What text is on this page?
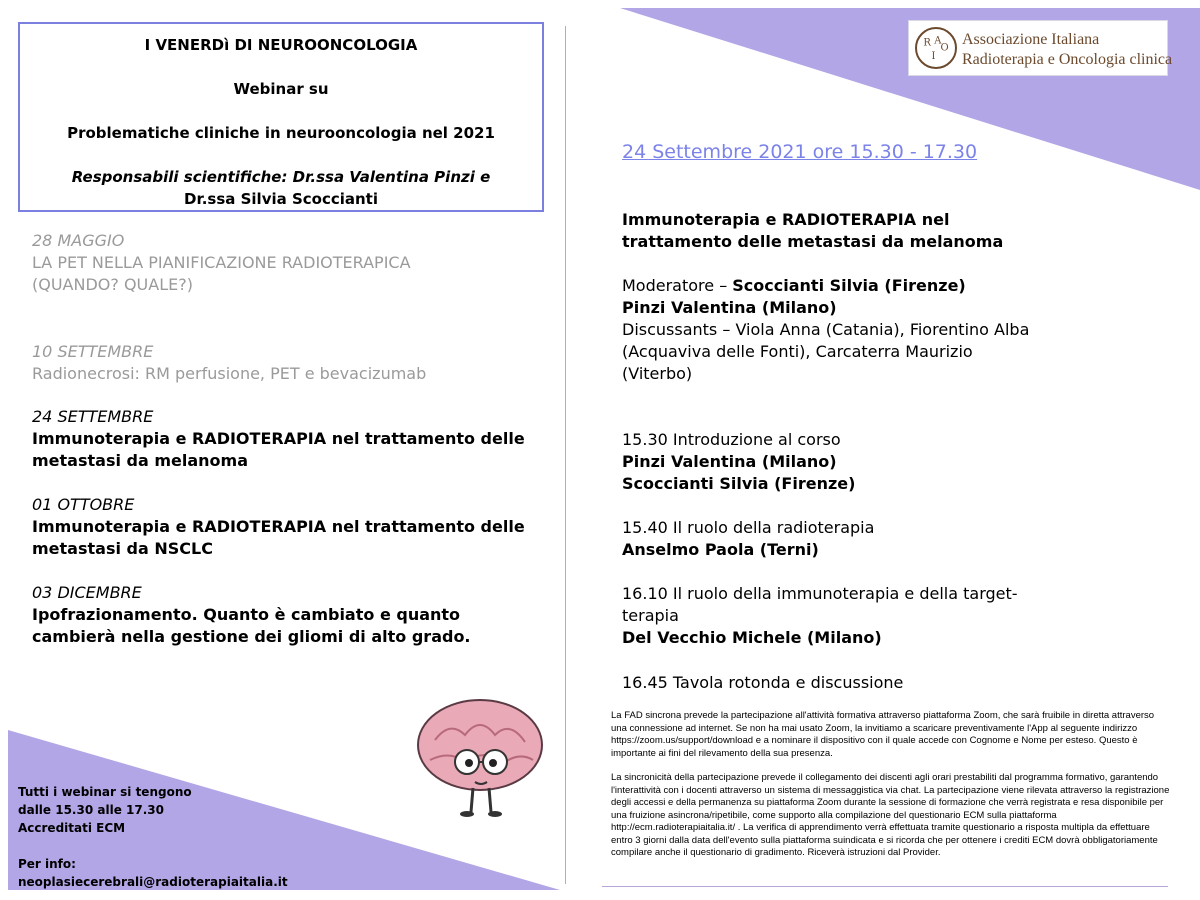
I VENERDì DI NEUROONCOLOGIA
Webinar su
Problematiche cliniche in neurooncologia nel 2021
Responsabili scientifiche: Dr.ssa Valentina Pinzi e
Dr.ssa Silvia Scoccianti
28 MAGGIO
LA PET NELLA PIANIFICAZIONE RADIOTERAPICA
(QUANDO? QUALE?)
10 SETTEMBRE
Radionecrosi: RM perfusione, PET e bevacizumab
24 SETTEMBRE
Immunoterapia e RADIOTERAPIA nel trattamento delle
metastasi da melanoma
01 OTTOBRE
Immunoterapia e RADIOTERAPIA nel trattamento delle
metastasi da NSCLC
03 DICEMBRE
Ipofrazionamento. Quanto è cambiato e quanto
cambierà nella gestione dei gliomi di alto grado.
Tutti i webinar si tengono
dalle 15.30 alle 17.30
Accreditati ECM
Per info:
neoplasiecerebrali@radioterapiaitalia.it
R A
O
I
Associazione Italiana
Radioterapia e Oncologia clinica
24 Settembre 2021 ore 15.30 - 17.30
Immunoterapia e RADIOTERAPIA nel
trattamento delle metastasi da melanoma
Moderatore – Scoccianti Silvia (Firenze)
Pinzi Valentina (Milano)
Discussants – Viola Anna (Catania), Fiorentino Alba
(Acquaviva delle Fonti), Carcaterra Maurizio
(Viterbo)
15.30 Introduzione al corso
Pinzi Valentina (Milano)
Scoccianti Silvia (Firenze)
15.40 Il ruolo della radioterapia
Anselmo Paola (Terni)
16.10 Il ruolo della immunoterapia e della target-
terapia
Del Vecchio Michele (Milano)
16.45 Tavola rotonda e discussione

La FAD sincrona prevede la partecipazione all'attività formativa attraverso piattaforma Zoom, che sarà fruibile in diretta attraverso una connessione ad internet. Se non ha mai usato Zoom, la invitiamo a scaricare preventivamente l'App al seguente indirizzo https://zoom.us/support/download e a nominare il dispositivo con il quale accede con Cognome e Nome per esteso. Questo è importante ai fini del rilevamento della sua presenza.

La sincronicità della partecipazione prevede il collegamento dei discenti agli orari prestabiliti dal programma formativo, garantendo l'interattività con i docenti attraverso un sistema di messaggistica via chat. La partecipazione viene rilevata attraverso la registrazione degli accessi e della permanenza su piattaforma Zoom durante la sessione di formazione che verrà registrata e resa disponibile per una fruizione asincrona/ripetibile, come supporto alla compilazione del questionario ECM sulla piattaforma http://ecm.radioterapiaitalia.it/ . La verifica di apprendimento verrà effettuata tramite questionario a risposta multipla da effettuare entro 3 giorni dalla data dell'evento sulla piattaforma suindicata e si ricorda che per ottenere i crediti ECM dovrà obbligatoriamente compilare anche il questionario di gradimento. Riceverà istruzioni dal Provider.
